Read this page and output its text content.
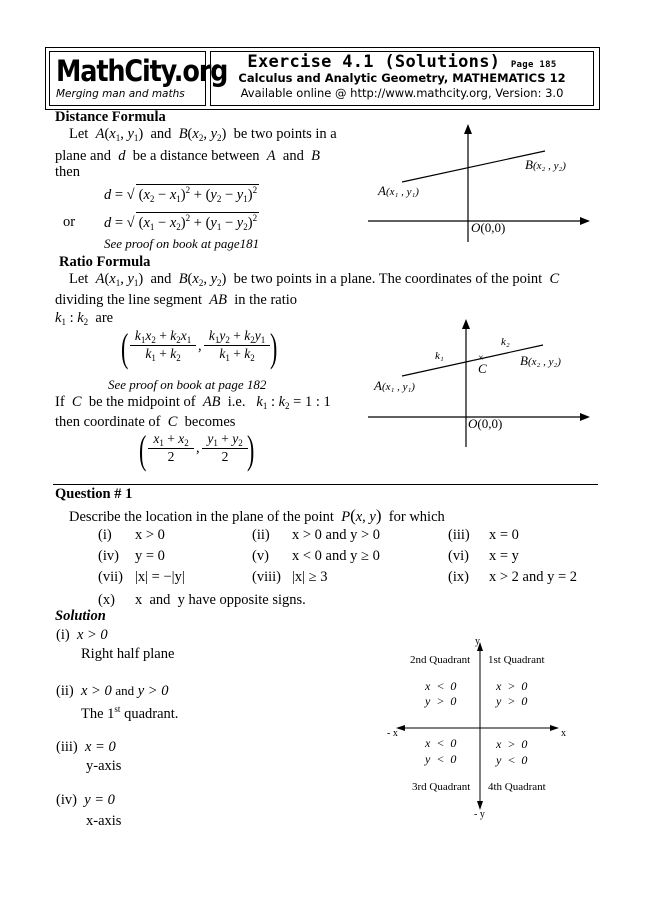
MathCity.org
Merging man and maths
Exercise 4.1 (Solutions) Page 185
Calculus and Analytic Geometry, MATHEMATICS 12
Available online @ http://www.mathcity.org, Version: 3.0
Distance Formula
Let  $A(x_1$, $y_1$)  and  $B(x_2$, $y_2$)  be two points in a
plane and  d  be a distance between  A  and  B
then
d = √ $(x_2 - x_1)^2 + (y_2 - y_1)^2$
or d = √ $(x_1 - x_2)^2 + (y_1 - y_2)^2$
See proof on book at page181
A(x₁ , y₁)
B(x₂ , y₂)
O(0,0)
Ratio Formula
Let  $A(x_1$, $y_1$)  and  $B(x_2$, $y_2$)  be two points in a plane. The coordinates of the point  C
dividing the line segment  AB  in the ratio
$k_1$ : $k_2$ are
( $k_1x_2 + k_2x_1$
$k_1 + k_2$
,
$k_1y_2 + k_2y_1$
$k_1 + k_2$ )
See proof on book at page 182
If  C  be the midpoint of  AB  i.e. $k_1$ : $k_2 = 1$ : 1
then coordinate of  C  becomes
( $x_1 + x_2$
2
,
$y_1 + y_2$
2 )
×
k₁
k₂
C
A(x₁ , y₁)
B(x₂ , y₂)
O(0,0)
Question # 1
Describe the location in the plane of the point  P(x, y) for which
(i) x > 0	(ii) x > 0 and y > 0	(iii) x = 0
(iv) y = 0	(v) x < 0 and y ≥ 0	(vi) x = y
(vii) |x| = −|y|	(viii) |x| ≥ 3	(ix) x > 2 and y = 2
(x) x  and  y have opposite signs.
Solution
(i) x > 0
Right half plane
(ii) x > 0 and y > 0
The 1st quadrant.
(iii) x = 0
y-axis
(iv) y = 0
x-axis
y
- y
- x	x
2nd Quadrant 1st Quadrant
3rd Quadrant 4th Quadrant
x  <  0
y  >  0
x  >  0
y  >  0
x  <  0
y  <  0
x  >  0
y  <  0
